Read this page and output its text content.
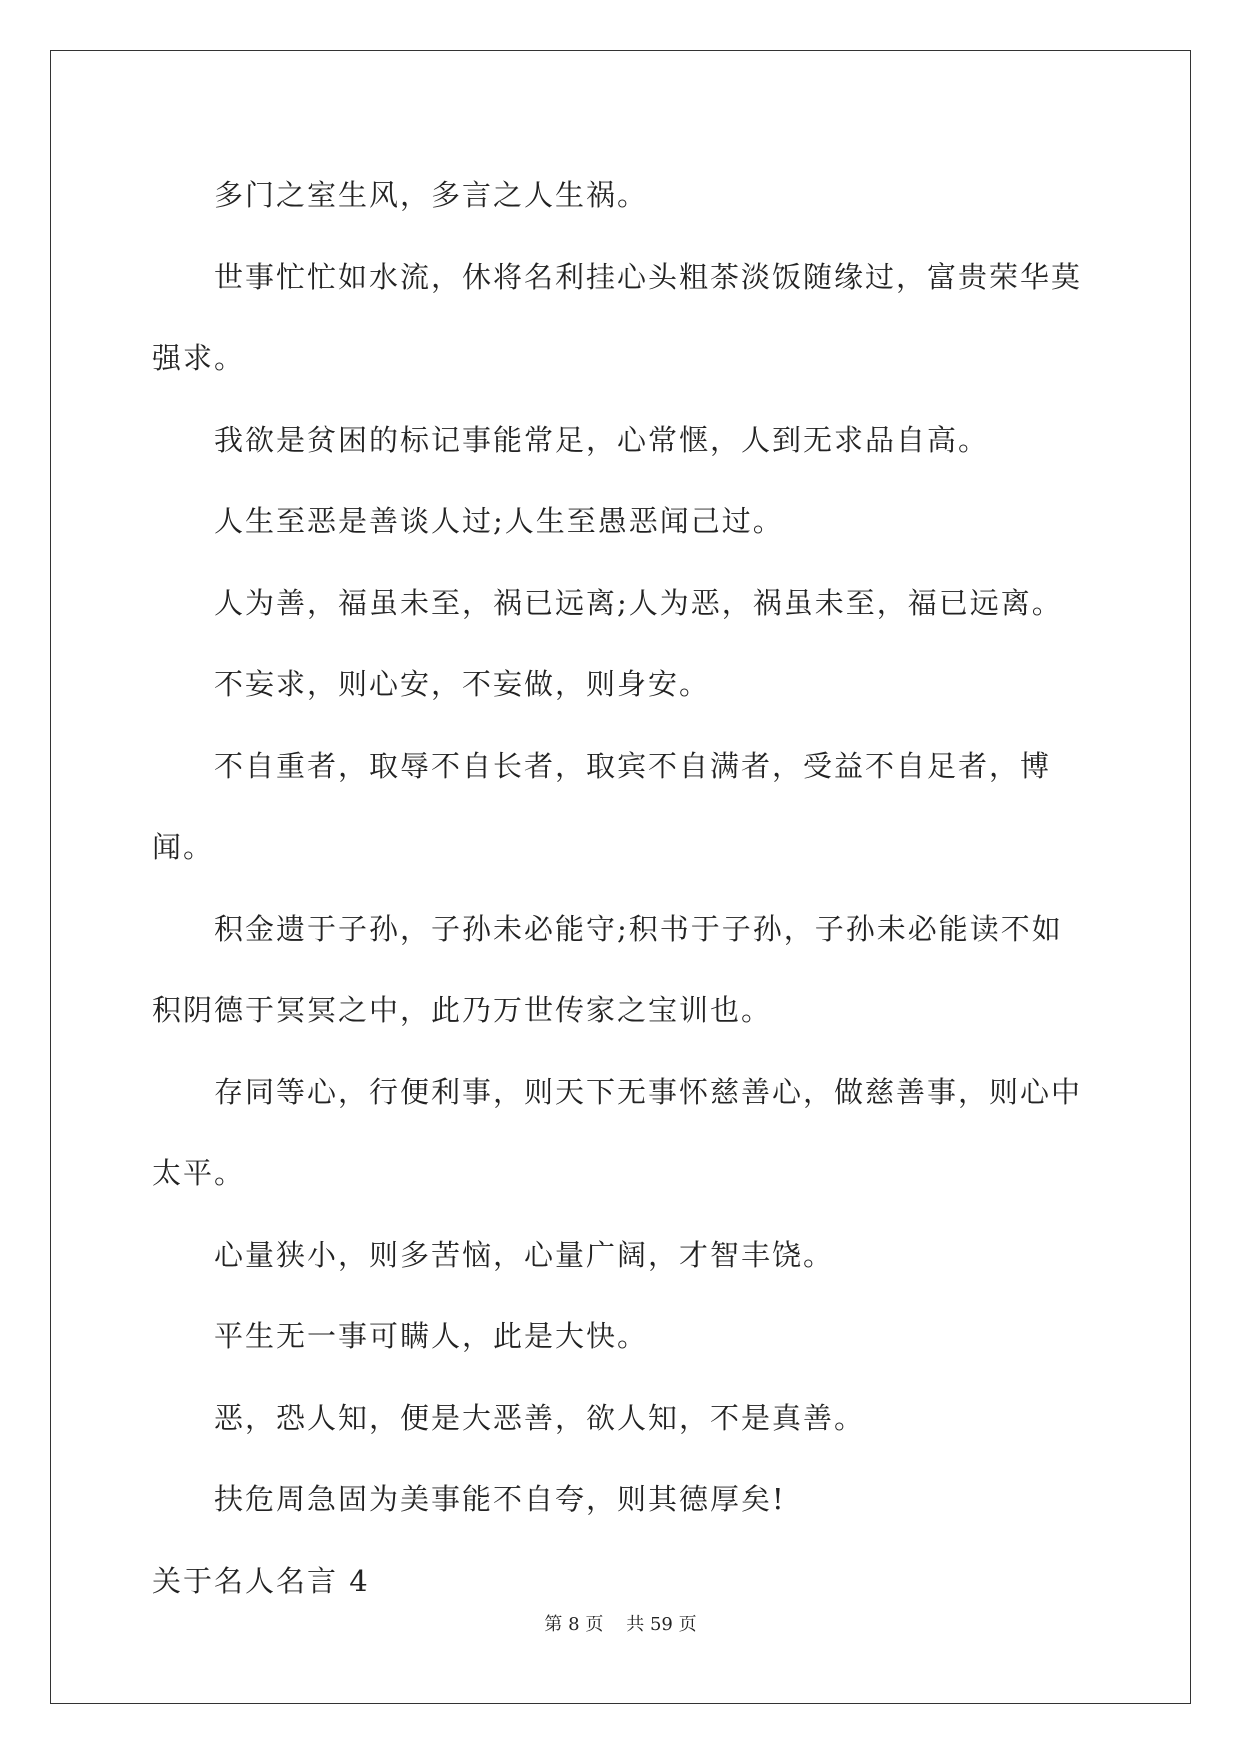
多门之室生风，多言之人生祸。

世事忙忙如水流，休将名利挂心头粗茶淡饭随缘过，富贵荣华莫强求。

我欲是贫困的标记事能常足，心常惬，人到无求品自高。

人生至恶是善谈人过;人生至愚恶闻己过。

人为善，福虽未至，祸已远离;人为恶，祸虽未至，福已远离。

不妄求，则心安，不妄做，则身安。

不自重者，取辱不自长者，取宾不自满者，受益不自足者，博闻。

积金遗于子孙，子孙未必能守;积书于子孙，子孙未必能读不如积阴德于冥冥之中，此乃万世传家之宝训也。

存同等心，行便利事，则天下无事怀慈善心，做慈善事，则心中太平。

心量狭小，则多苦恼，心量广阔，才智丰饶。

平生无一事可瞒人，此是大快。

恶，恐人知，便是大恶善，欲人知，不是真善。

扶危周急固为美事能不自夸，则其德厚矣!

关于名人名言 4

第 8 页 共 59 页
